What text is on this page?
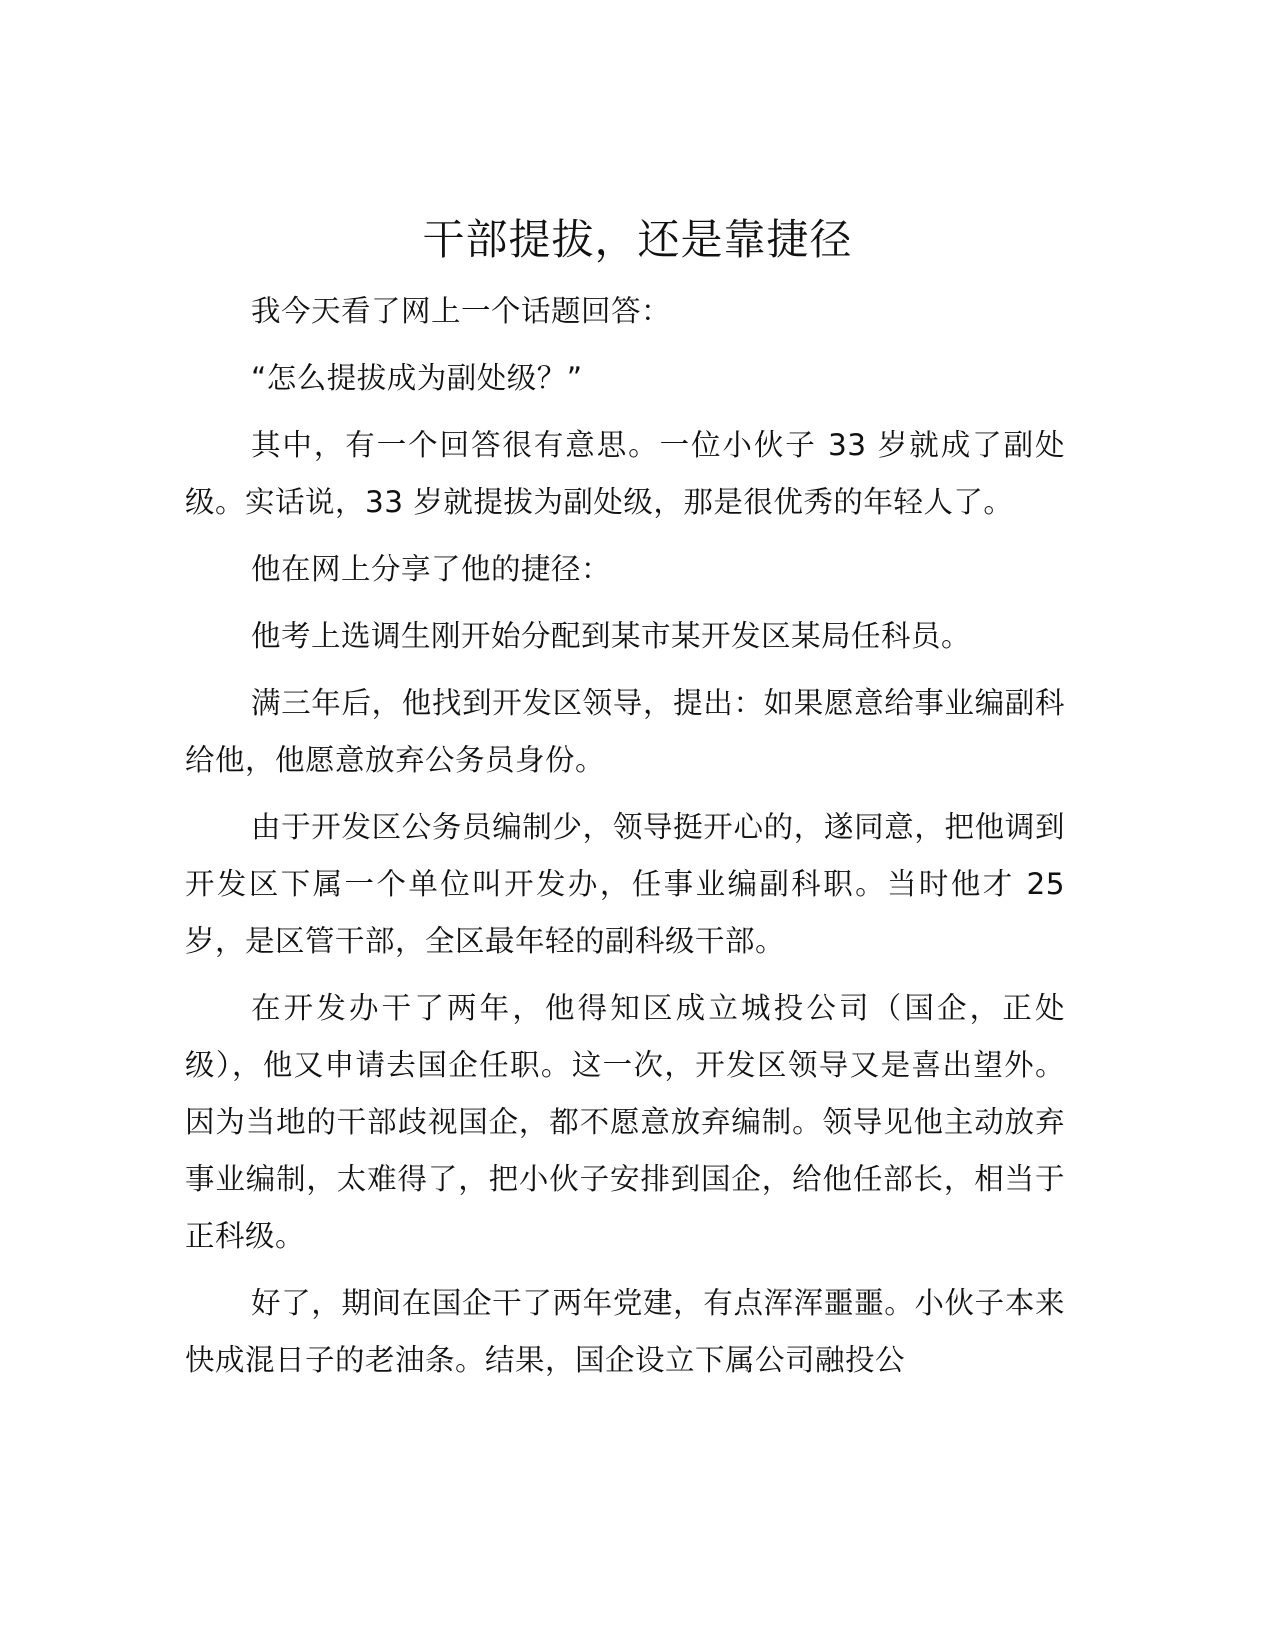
干部提拔，还是靠捷径

我今天看了网上一个话题回答：

“怎么提拔成为副处级？”

其中，有一个回答很有意思。一位小伙子 33 岁就成了副处级。实话说，33 岁就提拔为副处级，那是很优秀的年轻人了。

他在网上分享了他的捷径：

他考上选调生刚开始分配到某市某开发区某局任科员。

满三年后，他找到开发区领导，提出：如果愿意给事业编副科给他，他愿意放弃公务员身份。

由于开发区公务员编制少，领导挺开心的，遂同意，把他调到开发区下属一个单位叫开发办，任事业编副科职。当时他才 25 岁，是区管干部，全区最年轻的副科级干部。

在开发办干了两年，他得知区成立城投公司（国企，正处级），他又申请去国企任职。这一次，开发区领导又是喜出望外。因为当地的干部歧视国企，都不愿意放弃编制。领导见他主动放弃事业编制，太难得了，把小伙子安排到国企，给他任部长，相当于正科级。

好了，期间在国企干了两年党建，有点浑浑噩噩。小伙子本来快成混日子的老油条。结果，国企设立下属公司融投公
